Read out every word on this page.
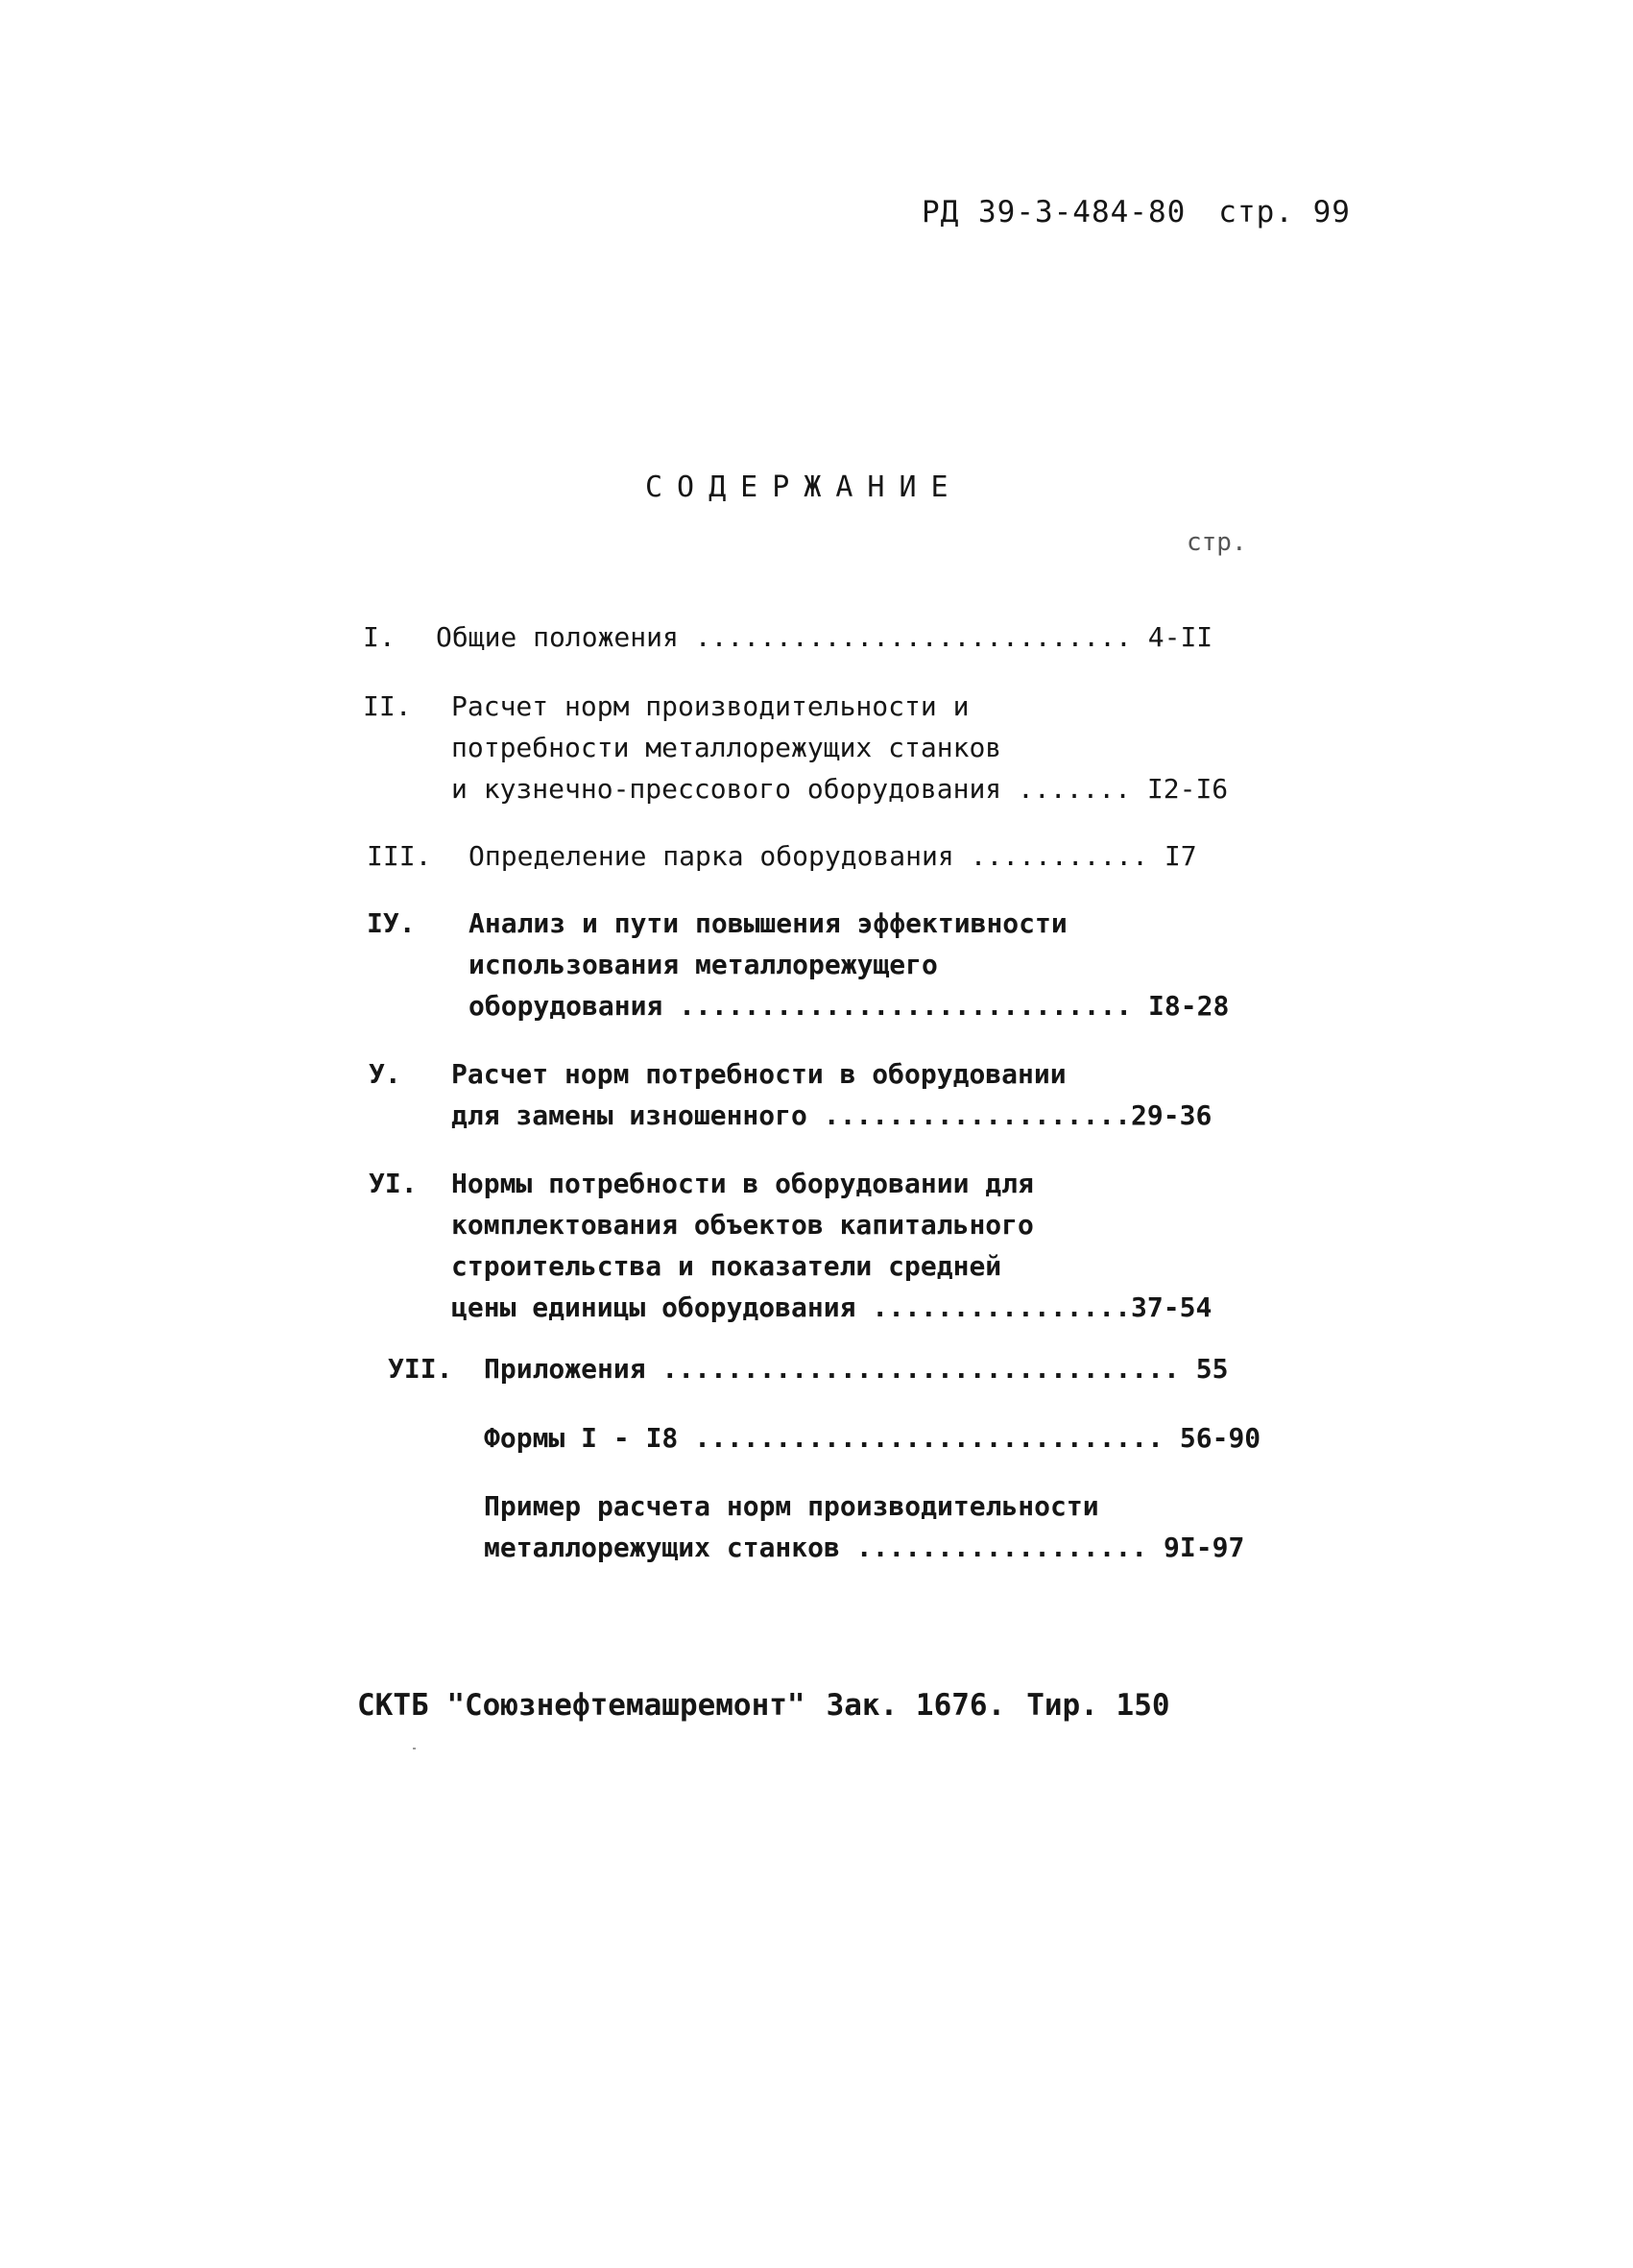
РД 39-3-484-80 стр. 99
СОДЕРЖАНИЕ
стр.
I. Общие положения ........................... 4-II
II. Расчет норм производительности и
потребности металлорежущих станков
и кузнечно-прессового оборудования ....... I2-I6
III. Определение парка оборудования ........... I7
IУ. Анализ и пути повышения эффективности
использования металлорежущего
оборудования ............................ I8-28
У. Расчет норм потребности в оборудовании
для замены изношенного ...................29-36
УI. Нормы потребности в оборудовании для
комплектования объектов капитального
строительства и показатели средней
цены единицы оборудования ................37-54
УII. Приложения ................................ 55
Формы I - I8 ............................. 56-90
Пример расчета норм производительности
металлорежущих станков .................. 9I-97
СКТБ "Союзнефтемашремонт" Зак. 1676. Тир. 150
